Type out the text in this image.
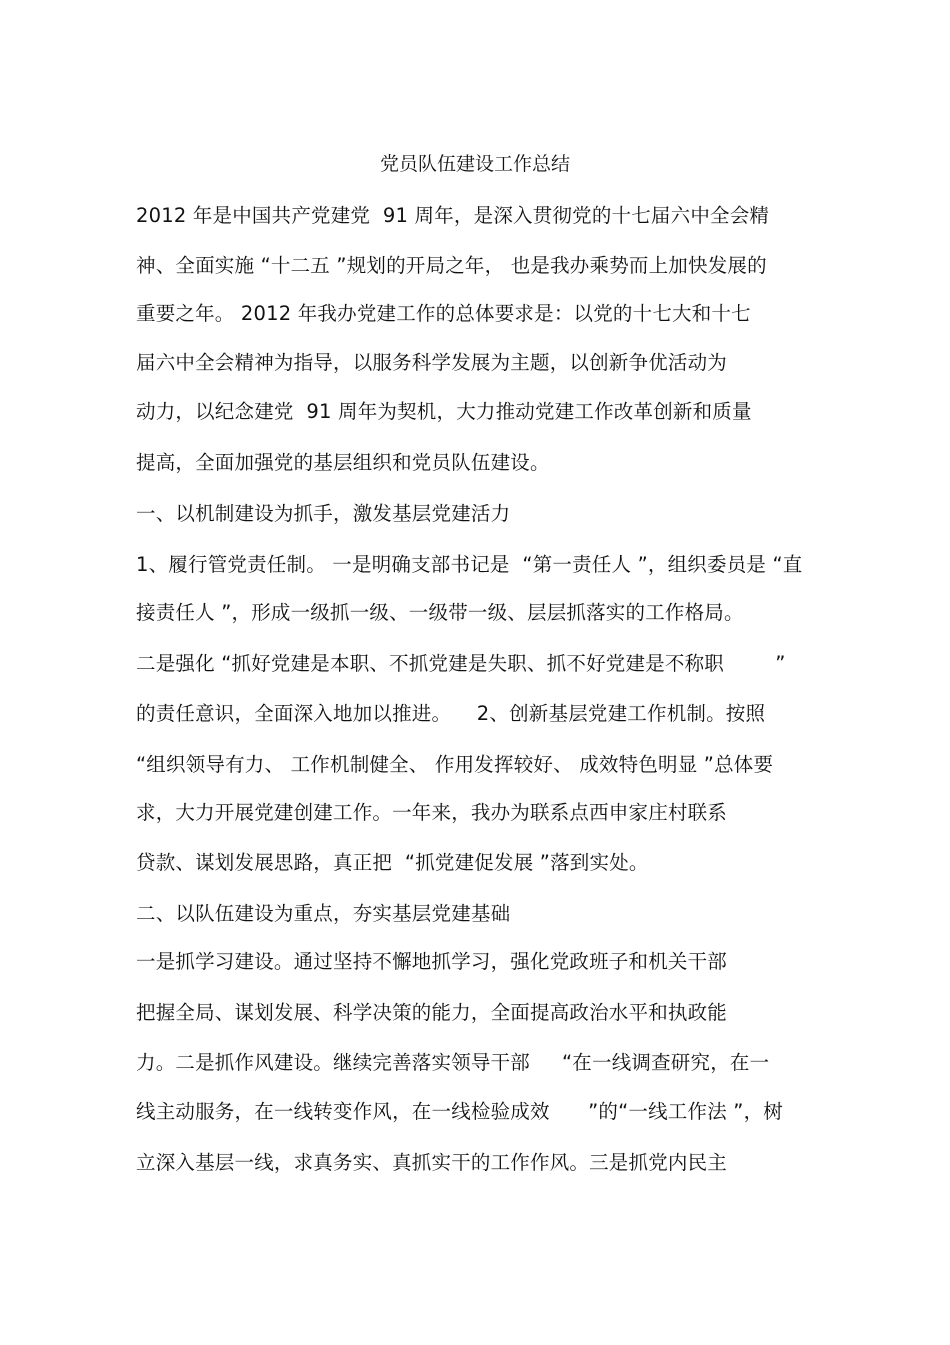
党员队伍建设工作总结
2012 年是中国共产党建党  91 周年，是深入贯彻党的十七届六中全会精
神、全面实施 “十二五 ”规划的开局之年， 也是我办乘势而上加快发展的
重要之年。 2012 年我办党建工作的总体要求是：以党的十七大和十七
届六中全会精神为指导，以服务科学发展为主题，以创新争优活动为
动力，以纪念建党  91 周年为契机，大力推动党建工作改革创新和质量
提高，全面加强党的基层组织和党员队伍建设。
一、以机制建设为抓手，激发基层党建活力
1、履行管党责任制。 一是明确支部书记是  “第一责任人 ”，组织委员是 “直
接责任人 ”，形成一级抓一级、一级带一级、层层抓落实的工作格局。
二是强化 “抓好党建是本职、不抓党建是失职、抓不好党建是不称职        ”
的责任意识，全面深入地加以推进。    2、创新基层党建工作机制。按照
“组织领导有力、 工作机制健全、 作用发挥较好、 成效特色明显 ”总体要
求，大力开展党建创建工作。一年来，我办为联系点西申家庄村联系
贷款、谋划发展思路，真正把  “抓党建促发展 ”落到实处。
二、以队伍建设为重点，夯实基层党建基础
一是抓学习建设。通过坚持不懈地抓学习，强化党政班子和机关干部
把握全局、谋划发展、科学决策的能力，全面提高政治水平和执政能
力。二是抓作风建设。继续完善落实领导干部     “在一线调查研究，在一
线主动服务，在一线转变作风，在一线检验成效      ”的“一线工作法 ”，树
立深入基层一线，求真务实、真抓实干的工作作风。三是抓党内民主
